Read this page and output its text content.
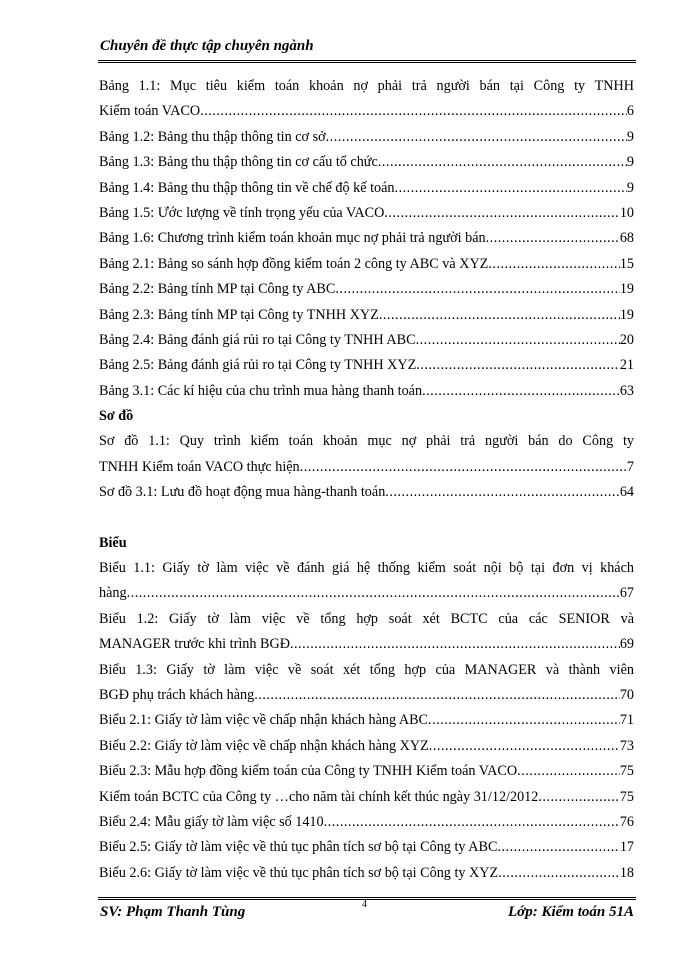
Chuyên đề thực tập chuyên ngành
Bảng 1.1: Mục tiêu kiểm toán khoản nợ phải trả người bán tại Công ty TNHH
Kiểm toán VACO .....	6
Bảng 1.2: Bảng thu thập thông tin cơ sở .....	9
Bảng 1.3: Bảng thu thập thông tin cơ cấu tổ chức .....	9
Bảng 1.4: Bảng thu thập thông tin về chế độ kế toán .....	9
Bảng 1.5: Ước lượng về tính trọng yếu của VACO .....	10
Bảng 1.6: Chương trình kiểm toán khoản mục nợ phải trả người bán .....	68
Bảng 2.1: Bảng so sánh hợp đồng kiểm toán 2 công ty ABC và XYZ .....	15
Bảng 2.2: Bảng tính MP tại Công ty ABC .....	19
Bảng 2.3: Bảng tính MP tại Công ty TNHH XYZ .....	19
Bảng 2.4: Bảng đánh giá rủi ro tại Công ty TNHH ABC .....	20
Bảng 2.5: Bảng đánh giá rủi ro tại Công ty TNHH XYZ .....	21
Bảng 3.1: Các kí hiệu của chu trình mua hàng thanh toán .....	63
Sơ đồ
Sơ đồ 1.1: Quy trình kiểm toán khoản mục nợ phải trả người bán do Công ty
TNHH Kiểm toán VACO thực hiện .....	7
Sơ đồ 3.1: Lưu đồ hoạt động mua hàng-thanh toán .....	64
Biểu
Biểu 1.1: Giấy tờ làm việc về đánh giá hệ thống kiểm soát nội bộ tại đơn vị khách
hàng .....	67
Biểu 1.2: Giấy tờ làm việc về tổng hợp soát xét BCTC của các SENIOR và
MANAGER trước khi trình BGĐ .....	69
Biểu 1.3: Giấy tờ làm việc về soát xét tổng hợp của MANAGER và thành viên
BGĐ phụ trách khách hàng .....	70
Biểu 2.1: Giấy tờ làm việc về chấp nhận khách hàng ABC .....	71
Biểu 2.2: Giấy tờ làm việc về chấp nhận khách hàng XYZ .....	73
Biểu 2.3: Mẫu hợp đồng kiểm toán của Công ty TNHH Kiểm toán VACO .....	75
Kiểm toán BCTC của Công ty …cho năm tài chính kết thúc ngày 31/12/2012 .....	75
Biểu 2.4: Mẫu giấy tờ làm việc số 1410 .....	76
Biểu 2.5: Giấy tờ làm việc về thủ tục phân tích sơ bộ tại Công ty ABC .....	17
Biểu 2.6: Giấy tờ làm việc về thủ tục phân tích sơ bộ tại Công ty XYZ .....	18
SV: Phạm Thanh Tùng	4	Lớp: Kiểm toán 51A
